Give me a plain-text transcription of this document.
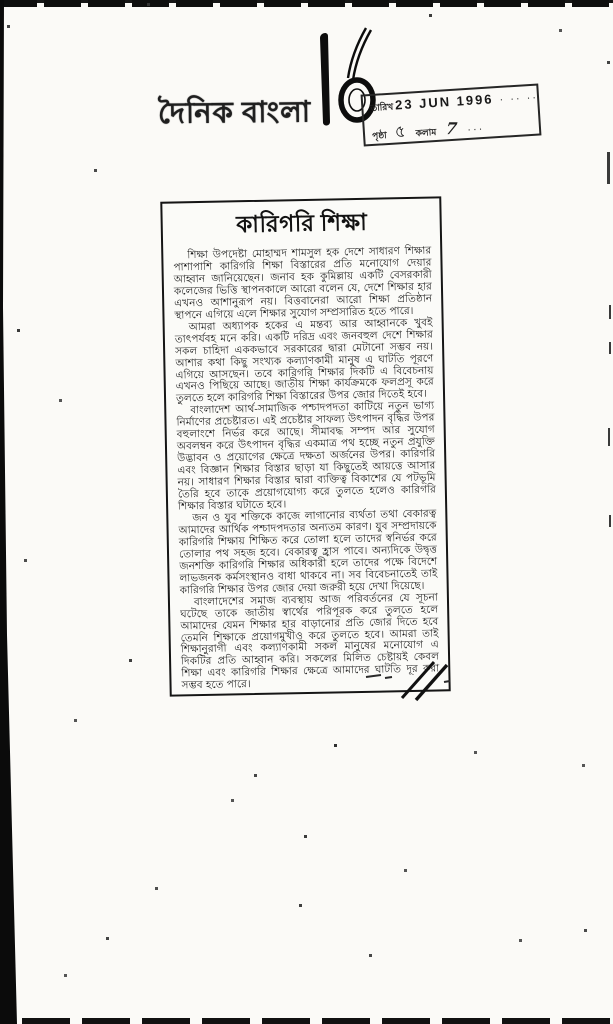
দৈনিক বাংলা	তারিখ 23 JUN 1996 · ·· ··
পৃষ্ঠা ৫ কলাম 7 ···
কারিগরি শিক্ষা

শিক্ষা উপদেষ্টা মোহাম্মদ শামসুল হক দেশে সাধারণ শিক্ষার পাশাপাশি কারিগরি শিক্ষা বিস্তারের প্রতি মনোযোগ দেয়ার আহ্বান জানিয়েছেন। জনাব হক কুমিল্লায় একটি বেসরকারী কলেজের ভিত্তি স্থাপনকালে আরো বলেন যে, দেশে শিক্ষার হার এখনও আশানুরূপ নয়। বিত্তবানেরা আরো শিক্ষা প্রতিষ্ঠান স্থাপনে এগিয়ে এলে শিক্ষার সুযোগ সম্প্রসারিত হতে পারে।

আমরা অধ্যাপক হকের এ মন্তব্য আর আহ্বানকে খুবই তাৎপর্যবহ মনে করি। একটি দরিদ্র এবং জনবহুল দেশে শিক্ষার সকল চাহিদা এককভাবে সরকারের দ্বারা মেটানো সম্ভব নয়। আশার কথা কিছু সংখ্যক কল্যাণকামী মানুষ এ ঘাটতি পূরণে এগিয়ে আসছেন। তবে কারিগরি শিক্ষার দিকটি এ বিবেচনায় এখনও পিছিয়ে আছে। জাতীয় শিক্ষা কার্যক্রমকে ফলপ্রসূ করে তুলতে হলে কারিগরি শিক্ষা বিস্তারের উপর জোর দিতেই হবে।

বাংলাদেশ আর্থ-সামাজিক পশ্চাদপদতা কাটিয়ে নতুন ভাগ্য নির্মাণের প্রচেষ্টারত। এই প্রচেষ্টার সাফল্য উৎপাদন বৃদ্ধির উপর বহুলাংশে নির্ভর করে আছে। সীমাবদ্ধ সম্পদ আর সুযোগ অবলম্বন করে উৎপাদন বৃদ্ধির একমাত্র পথ হচ্ছে নতুন প্রযুক্তি উদ্ভাবন ও প্রয়োগের ক্ষেত্রে দক্ষতা অর্জনের উপর। কারিগরি এবং বিজ্ঞান শিক্ষার বিস্তার ছাড়া যা কিছুতেই আয়ত্তে আসার নয়। সাধারণ শিক্ষার বিস্তার দ্বারা ব্যক্তিত্ব বিকাশের যে পটভূমি তৈরি হবে তাকে প্রয়োগযোগ্য করে তুলতে হলেও কারিগরি শিক্ষার বিস্তার ঘটাতে হবে।

জন ও যুব শক্তিকে কাজে লাগানোর ব্যর্থতা তথা বেকারত্ব আমাদের আর্থিক পশ্চাদপদতার অন্যতম কারণ। যুব সম্প্রদায়কে কারিগরি শিক্ষায় শিক্ষিত করে তোলা হলে তাদের স্বনির্ভর করে তোলার পথ সহজ হবে। বেকারত্ব হ্রাস পাবে। অন্যদিকে উদ্বৃত্ত জনশক্তি কারিগরি শিক্ষার অধিকারী হলে তাদের পক্ষে বিদেশে লাভজনক কর্মসংস্থানও বাধা থাকবে না। সব বিবেচনাতেই তাই কারিগরি শিক্ষার উপর জোর দেয়া জরুরী হয়ে দেখা দিয়েছে।

বাংলাদেশের সমাজ ব্যবস্থায় আজ পরিবর্তনের যে সূচনা ঘটেছে তাকে জাতীয় স্বার্থের পরিপূরক করে তুলতে হলে আমাদের যেমন শিক্ষার হার বাড়ানোর প্রতি জোর দিতে হবে তেমনি শিক্ষাকে প্রয়োগমুখীও করে তুলতে হবে। আমরা তাই শিক্ষানুরাগী এবং কল্যাণকামী সকল মানুষের মনোযোগ এ দিকটির প্রতি আহ্বান করি। সকলের মিলিত চেষ্টায়ই কেবল শিক্ষা এবং কারিগরি শিক্ষার ক্ষেত্রে আমাদের ঘাটতি দূর করা সম্ভব হতে পারে।
